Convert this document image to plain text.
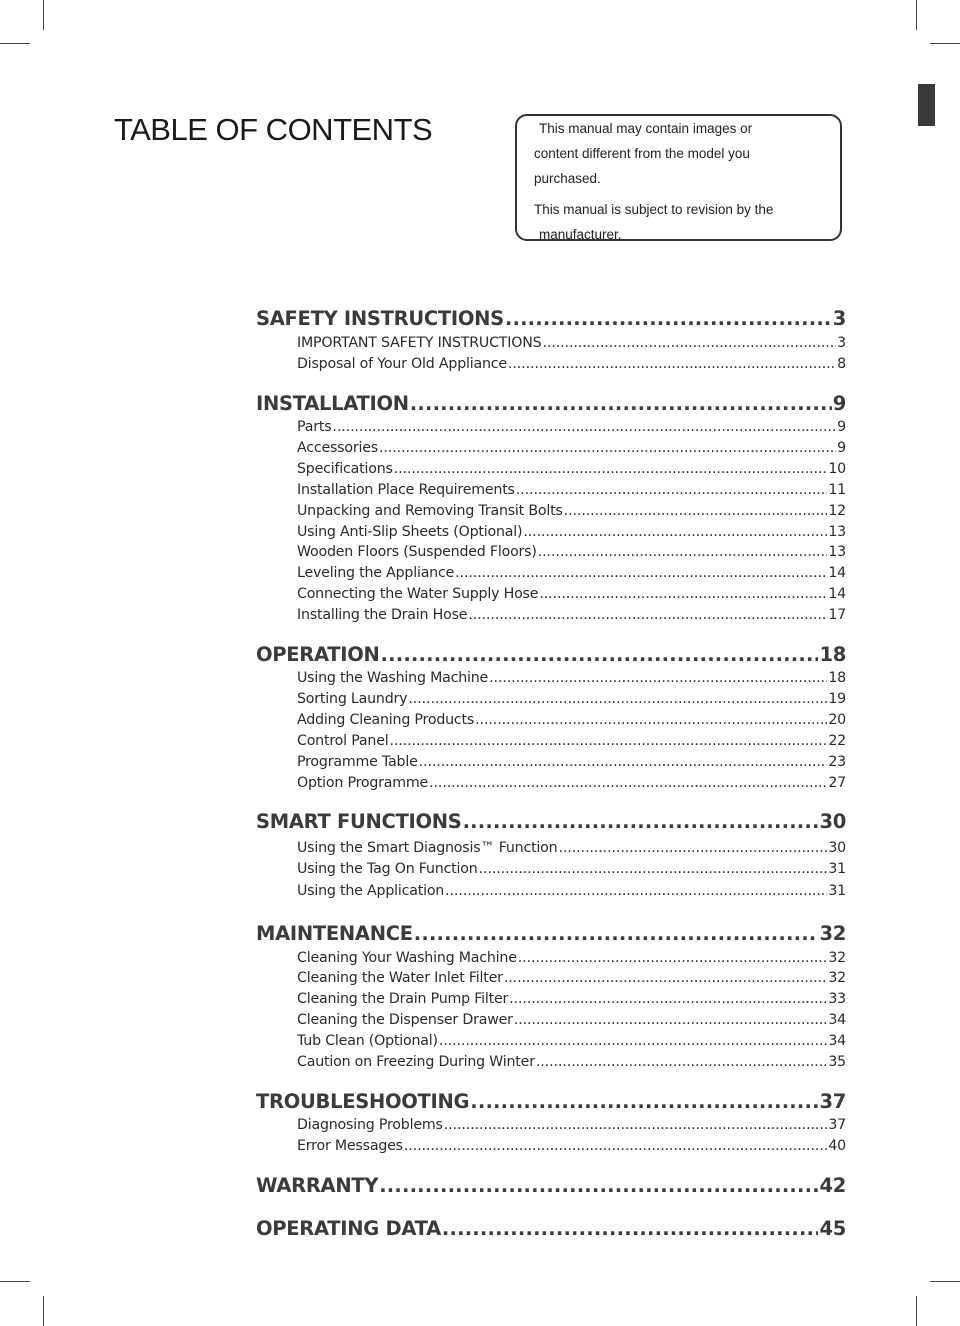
TABLE OF CONTENTS	This manual may contain images or

content different from the model you

purchased.

This manual is subject to revision by the

manufacturer.

SAFETY INSTRUCTIONS . . .	3
IMPORTANT SAFETY INSTRUCTIONS . . .	3
Disposal of Your Old Appliance . . .	8
INSTALLATION . . .	9
Parts . . .	9
Accessories . . .	9
Specifications . . .	10
Installation Place Requirements . . .	11
Unpacking and Removing Transit Bolts . . .	12
Using Anti-Slip Sheets (Optional) . . .	13
Wooden Floors (Suspended Floors) . . .	13
Leveling the Appliance . . .	14
Connecting the Water Supply Hose . . .	14
Installing the Drain Hose . . .	17
OPERATION . . .	18
Using the Washing Machine . . .	18
Sorting Laundry . . .	19
Adding Cleaning Products . . .	20
Control Panel . . .	22
Programme Table . . .	23
Option Programme . . .	27
SMART FUNCTIONS . . .	30
Using the Smart Diagnosis™ Function . . .	30
Using the Tag On Function . . .	31
Using the Application . . .	31
MAINTENANCE . . .	32
Cleaning Your Washing Machine . . .	32
Cleaning the Water Inlet Filter . . .	32
Cleaning the Drain Pump Filter . . .	33
Cleaning the Dispenser Drawer . . .	34
Tub Clean (Optional) . . .	34
Caution on Freezing During Winter . . .	35
TROUBLESHOOTING . . .	37
Diagnosing Problems . . .	37
Error Messages . . .	40
WARRANTY . . .	42
OPERATING DATA . . .	45
